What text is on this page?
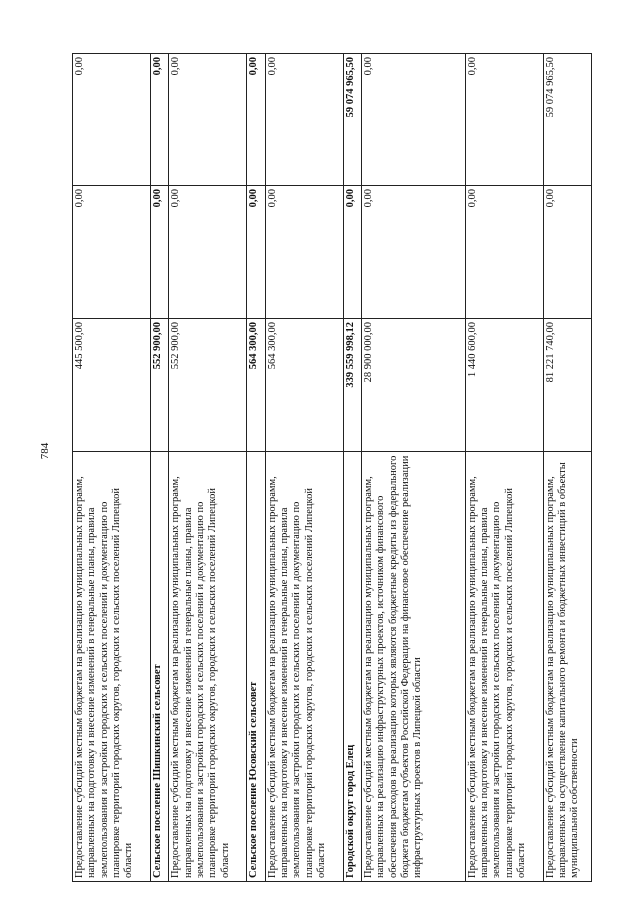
784
Предоставление субсидий местным бюджетам на реализацию муниципальных программ, направленных на подготовку и внесение изменений в генеральные планы, правила землепользования и застройки городских и сельских поселений и документацию по планировке территорий городских округов, городских и сельских поселений Липецкой области	445 500,00	0,00	0,00
Сельское поселение Шишкинский сельсовет	552 900,00	0,00	0,00
Предоставление субсидий местным бюджетам на реализацию муниципальных программ, направленных на подготовку и внесение изменений в генеральные планы, правила землепользования и застройки городских и сельских поселений и документацию по планировке территорий городских округов, городских и сельских поселений Липецкой области	552 900,00	0,00	0,00
Сельское поселение Юсовский сельсовет	564 300,00	0,00	0,00
Предоставление субсидий местным бюджетам на реализацию муниципальных программ, направленных на подготовку и внесение изменений в генеральные планы, правила землепользования и застройки городских и сельских поселений и документацию по планировке территорий городских округов, городских и сельских поселений Липецкой области	564 300,00	0,00	0,00
Городской округ город Елец	339 559 998,12	0,00	59 074 965,50
Предоставление субсидий местным бюджетам на реализацию муниципальных программ, направленных на реализацию инфраструктурных проектов, источником финансового обеспечения расходов на реализацию которых являются бюджетные кредиты из федерального бюджета бюджетам субъектов Российской Федерации на финансовое обеспечение реализации инфраструктурных проектов в Липецкой области	28 900 000,00	0,00	0,00
Предоставление субсидий местным бюджетам на реализацию муниципальных программ, направленных на подготовку и внесение изменений в генеральные планы, правила землепользования и застройки городских и сельских поселений и документацию по планировке территорий городских округов, городских и сельских поселений Липецкой области	1 440 600,00	0,00	0,00
Предоставление субсидий местным бюджетам на реализацию муниципальных программ, направленных на осуществление капитального ремонта и бюджетных инвестиций в объекты муниципальной собственности	81 221 740,00	0,00	59 074 965,50
